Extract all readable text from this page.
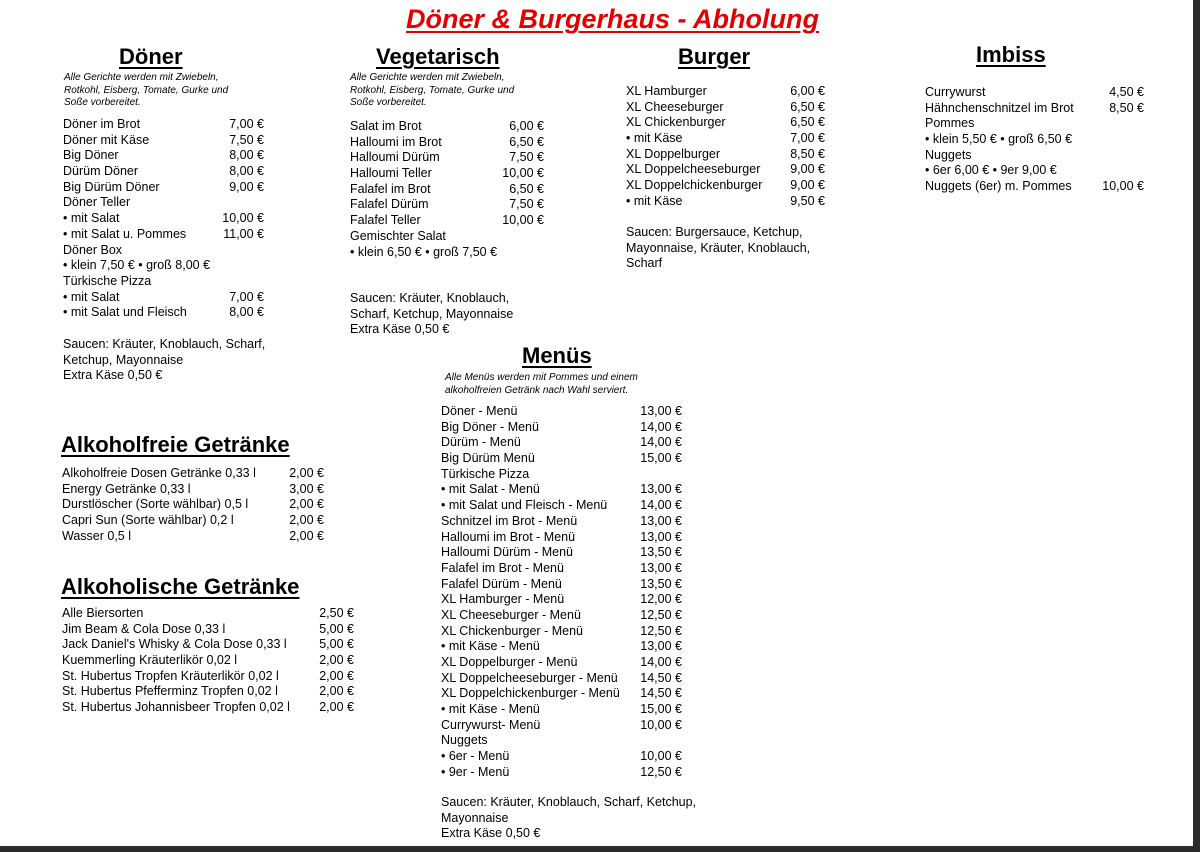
Döner & Burgerhaus - Abholung
Döner
Alle Gerichte werden mit Zwiebeln,
Rotkohl, Eisberg, Tomate, Gurke und
Soße vorbereitet.
Döner im Brot	7,00 €
Döner mit Käse	7,50 €
Big Döner	8,00 €
Dürüm Döner	8,00 €
Big Dürüm Döner	9,00 €
Döner Teller
• mit Salat	10,00 €
• mit Salat u. Pommes	11,00 €
Döner Box
• klein 7,50 € • groß 8,00 €
Türkische Pizza
• mit Salat	7,00 €
• mit Salat und Fleisch	8,00 €
Saucen: Kräuter, Knoblauch, Scharf,
Ketchup, Mayonnaise
Extra Käse 0,50 €
Vegetarisch
Alle Gerichte werden mit Zwiebeln,
Rotkohl, Eisberg, Tomate, Gurke und
Soße vorbereitet.
Salat im Brot	6,00 €
Halloumi im Brot	6,50 €
Halloumi Dürüm	7,50 €
Halloumi Teller	10,00 €
Falafel im Brot	6,50 €
Falafel Dürüm	7,50 €
Falafel Teller	10,00 €
Gemischter Salat
• klein 6,50 € • groß 7,50 €
Saucen: Kräuter, Knoblauch,
Scharf, Ketchup, Mayonnaise
Extra Käse 0,50 €
Burger
XL Hamburger	6,00 €
XL Cheeseburger	6,50 €
XL Chickenburger	6,50 €
• mit Käse	7,00 €
XL Doppelburger	8,50 €
XL Doppelcheeseburger	9,00 €
XL Doppelchickenburger	9,00 €
• mit Käse	9,50 €
Saucen: Burgersauce, Ketchup,
Mayonnaise, Kräuter, Knoblauch,
Scharf
Imbiss
Currywurst	4,50 €
Hähnchenschnitzel im Brot	8,50 €
Pommes
• klein 5,50 € • groß 6,50 €
Nuggets
• 6er 6,00 € • 9er 9,00 €
Nuggets (6er) m. Pommes 10,00 €
Menüs
Alle Menüs werden mit Pommes und einem
alkoholfreien Getränk nach Wahl serviert.
Döner - Menü	13,00 €
Big Döner - Menü	14,00 €
Dürüm - Menü	14,00 €
Big Dürüm Menü	15,00 €
Türkische Pizza
• mit Salat - Menü	13,00 €
• mit Salat und Fleisch - Menü	14,00 €
Schnitzel im Brot - Menü	13,00 €
Halloumi im Brot - Menü	13,00 €
Halloumi Dürüm - Menü	13,50 €
Falafel im Brot - Menü	13,00 €
Falafel Dürüm - Menü	13,50 €
XL Hamburger - Menü	12,00 €
XL Cheeseburger - Menü	12,50 €
XL Chickenburger - Menü	12,50 €
• mit Käse - Menü	13,00 €
XL Doppelburger - Menü	14,00 €
XL Doppelcheeseburger - Menü 14,50 €
XL Doppelchickenburger - Menü 14,50 €
• mit Käse - Menü	15,00 €
Currywurst- Menü	10,00 €
Nuggets
• 6er - Menü	10,00 €
• 9er - Menü	12,50 €
Saucen: Kräuter, Knoblauch, Scharf, Ketchup,
Mayonnaise
Extra Käse 0,50 €
Alkoholfreie Getränke
Alkoholfreie Dosen Getränke 0,33 l	2,00 €
Energy Getränke 0,33 l	3,00 €
Durstlöscher (Sorte wählbar) 0,5 l	2,00 €
Capri Sun (Sorte wählbar) 0,2 l	2,00 €
Wasser 0,5 l	2,00 €
Alkoholische Getränke
Alle Biersorten	2,50 €
Jim Beam & Cola Dose 0,33 l	5,00 €
Jack Daniel's Whisky & Cola Dose 0,33 l	5,00 €
Kuemmerling Kräuterlikör 0,02 l	2,00 €
St. Hubertus Tropfen Kräuterlikör 0,02 l	2,00 €
St. Hubertus Pfefferminz Tropfen 0,02 l	2,00 €
St. Hubertus Johannisbeer Tropfen 0,02 l	2,00 €
